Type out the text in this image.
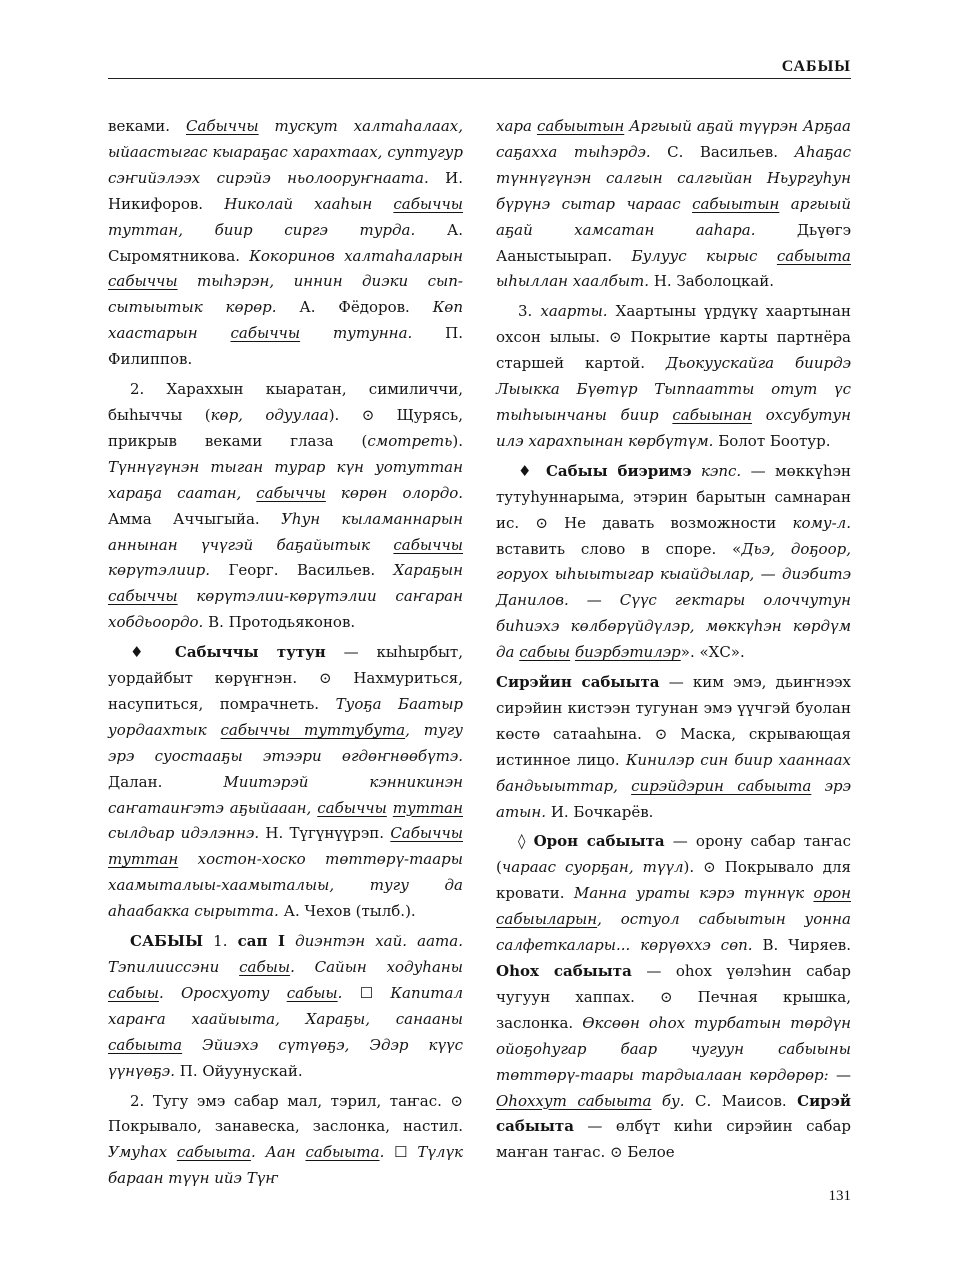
САБЫЫ

веками. Сабыччы тускут халтаһалаах, ыйаастыгас кыараҕас харахтаах, суптугур сэҥийэлээх сирэйэ ньолооруҥнаата. И. Никифоров. Николай хааһын сабыччы туттан, биир сиргэ турда. А. Сыромятникова. Кокоринов халтаһаларын сабыччы тыһэрэн, иннин диэки сып-сытыытык көрөр. А. Фёдоров. Көп хаастарын сабыччы тутунна. П. Филиппов.

2. Хараххын кыаратан, симиличчи, быһыччы (көр, одуулаа). ⊙ Щурясь, прикрыв веками глаза (смотреть). Түннүгүнэн тыган турар күн уотуттан хараҕа саатан, сабыччы көрөн олордо. Амма Аччыгыйа. Уһун кыламаннарын аннынан үчүгэй баҕайытык сабыччы көрүтэлиир. Георг. Васильев. Хараҕын сабыччы көрүтэлии-көрүтэлии саҥаран хобдьоордо. В. Протодьяконов.

♦ Сабыччы тутун — кыһырбыт, уордайбыт көрүҥнэн. ⊙ Нахмуриться, насупиться, помрачнеть. Туоҕа Баатыр уордаахтык сабыччы туттубута, тугу эрэ суостааҕы этээри өгдөҥнөөбүтэ. Далан. Миитэрэй кэнникинэн саҥатаиҥэтэ аҕыйааан, сабыччы туттан сылдьар идэлэннэ. Н. Түгүнүүрэп. Сабыччы туттан хостон-хоско төттөрү-таары хаамыталыы-хаамыталыы, тугу да аһаабакка сырытта. А. Чехов (тылб.).

САБЫЫ 1. сап I диэнтэн хай. аата. Тэпилииссэни сабыы. Сайын ходуһаны сабыы. Оросхуоту сабыы. ☐ Капитал хараҥа хаайыыта, Хараҕы, санааны сабыыта Эйиэхэ сүтүөҕэ, Эдэр күүс үүнүөҕэ. П. Ойуунускай.

2. Тугу эмэ сабар мал, тэрил, таҥас. ⊙ Покрывало, занавеска, заслонка, настил. Умуһах сабыыта. Аан сабыыта. ☐ Түлүк бараан түүн ийэ Түҥ

хара сабыытын Аргыый аҕай түүрэн Арҕаа саҕахха тыһэрдэ. С. Васильев. Аһаҕас түннүгүнэн салгын салгыйан Ньургуһун бүрүнэ сытар чараас сабыытын аргыый аҕай хамсатан ааһара. Дьүөгэ Ааныстыырап. Булуус кырыс сабыыта ыһыллан хаалбыт. Н. Заболоцкай.

3. хаарты. Хаартыны үрдүкү хаартынан охсон ылыы. ⊙ Покрытие карты партнёра старшей картой. Дьокуускайга биирдэ Лыыкка Бүөтүр Тыппаатты отут үс тыһыынчаны биир сабыынан охсубутун илэ харахпынан көрбүтүм. Болот Боотур.

♦ Сабыы биэримэ кэпс. — мөккүһэн тутуһуннарыма, этэрин барытын самнаран ис. ⊙ Не давать возможности кому-л. вставить слово в споре. «Дьэ, доҕоор, горуох ыһыытыгар кыайдылар, — диэбитэ Данилов. — Сүүс гектары олоччутун биһиэхэ көлбөрүйдүлэр, мөккүһэн көрдүм да сабыы биэрбэтилэр». «ХС».

Сирэйин сабыыта — ким эмэ, дьиҥнээх сирэйин кистээн тугунан эмэ үүчгэй буолан көстө сатааһына. ⊙ Маска, скрывающая истинное лицо. Кинилэр син биир хааннаах бандьыыттар, сирэйдэрин сабыыта эрэ атын. И. Бочкарёв.

◊ Орон сабыыта — орону сабар таҥас (чараас суорҕан, түүл). ⊙ Покрывало для кровати. Манна ураты кэрэ түннүк орон сабыыларын, остуол сабыытын уонна салфеткалары... көрүөххэ сөп. В. Чиряев. Оһох сабыыта — оһох үөлэһин сабар чугуун хаппах. ⊙ Печная крышка, заслонка. Өксөөн оһох турбатын төрдүн ойоҕоһугар баар чугуун сабыыны төттөрү-таары тардыалаан көрдөрөр: — Оһоххут сабыыта бу. С. Маисов. Сирэй сабыыта — өлбүт киһи сирэйин сабар маҥан таҥас. ⊙ Белое

131
